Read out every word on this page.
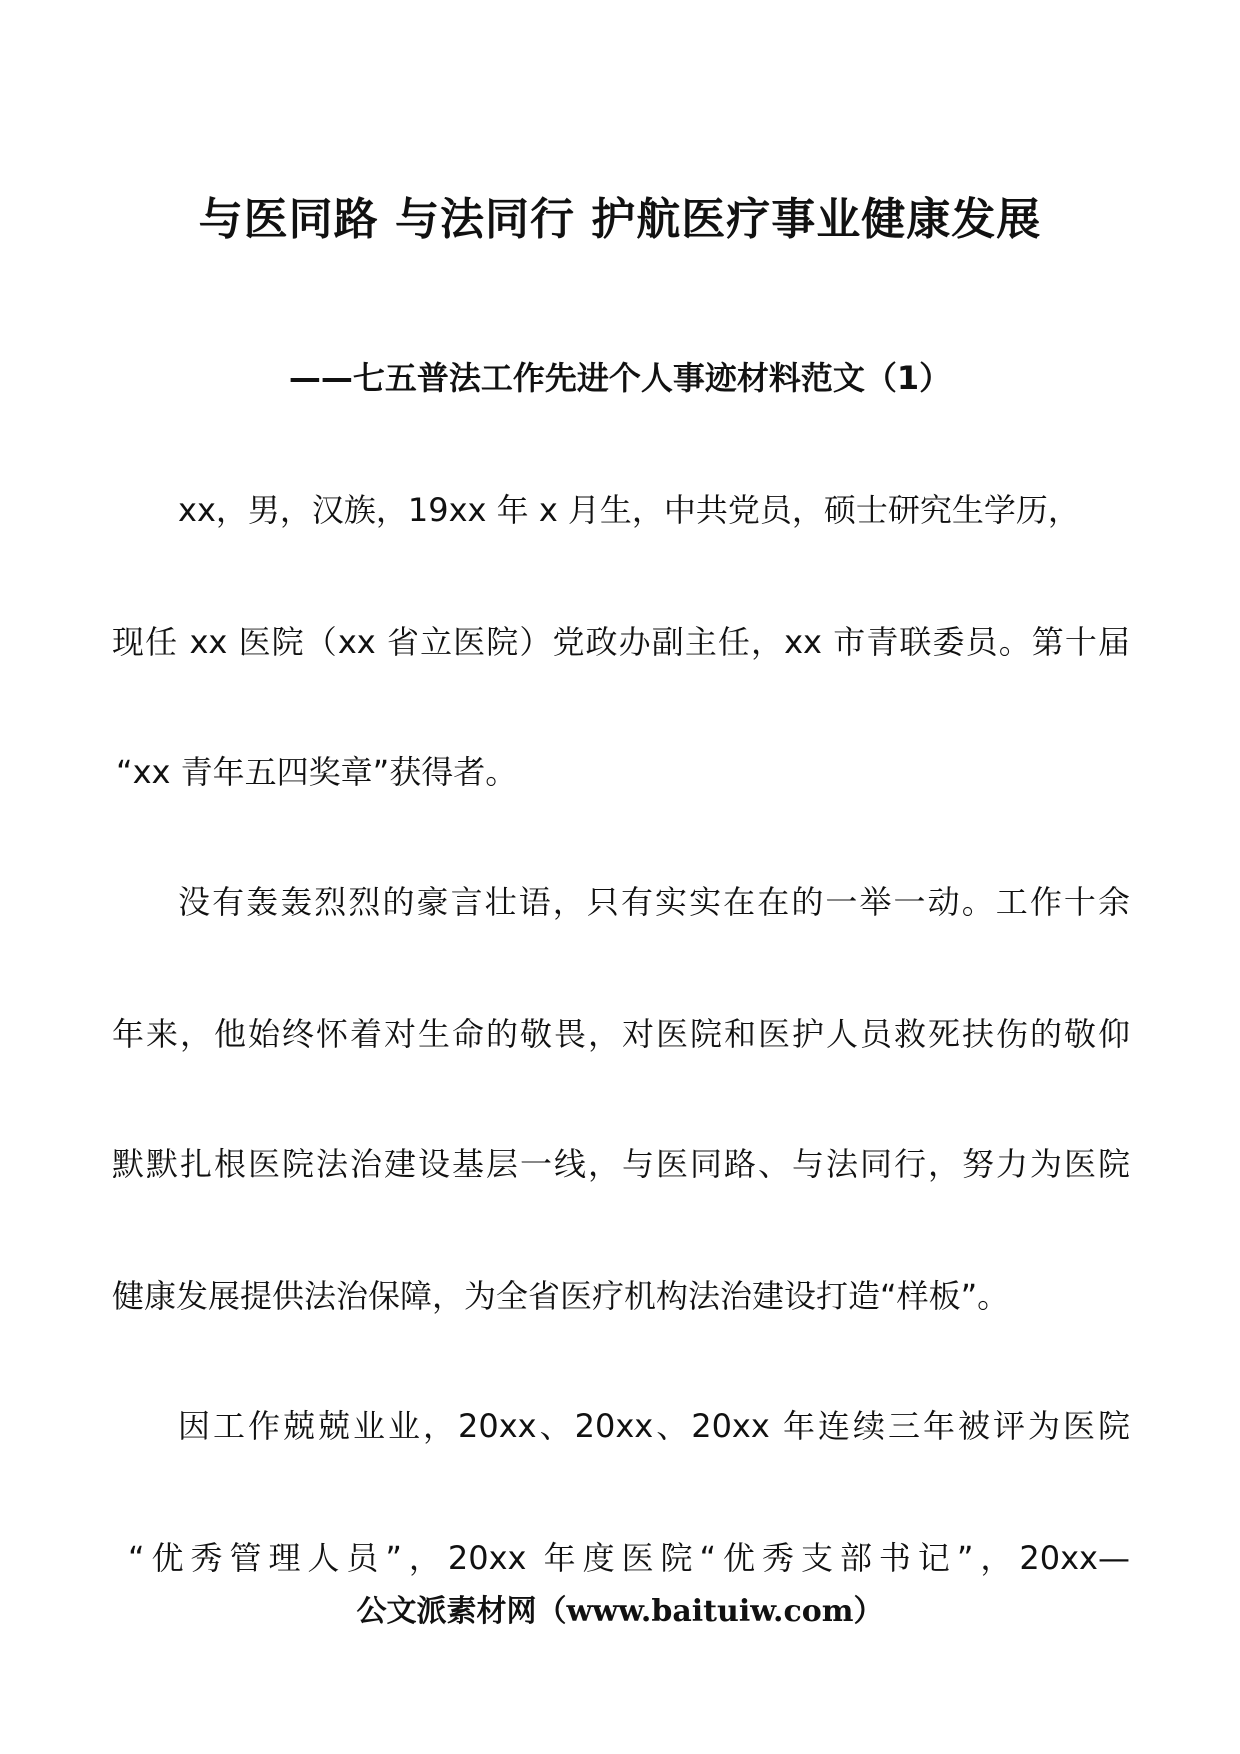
与医同路 与法同行 护航医疗事业健康发展
——七五普法工作先进个人事迹材料范文（1）
xx，男，汉族，19xx 年 x 月生，中共党员，硕士研究生学历，
现任 xx 医院（xx 省立医院）党政办副主任，xx 市青联委员。第十届
“xx 青年五四奖章”获得者。
没有轰轰烈烈的豪言壮语，只有实实在在的一举一动。工作十余
年来，他始终怀着对生命的敬畏，对医院和医护人员救死扶伤的敬仰
默默扎根医院法治建设基层一线，与医同路、与法同行，努力为医院
健康发展提供法治保障，为全省医疗机构法治建设打造“样板”。
因工作兢兢业业，20xx、20xx、20xx 年连续三年被评为医院
“优秀管理人员”，20xx 年度医院“优秀支部书记”，20xx—
公文派素材网（www.baituiw.com）
